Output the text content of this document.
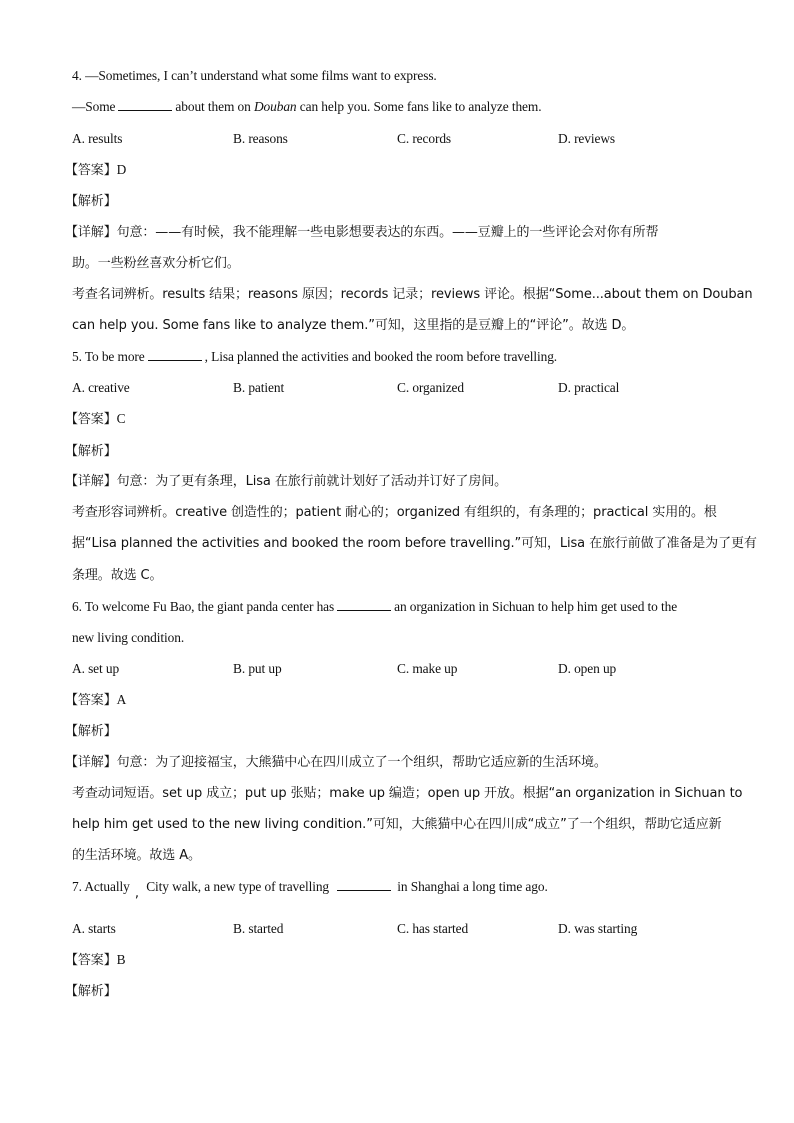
4. —Sometimes, I can’t understand what some films want to express.
—Some	about them on Douban can help you. Some fans like to analyze them.
A. results	B. reasons	C. records	D. reviews
【答案】D
【解析】
【详解】句意：——有时候，我不能理解一些电影想要表达的东西。——豆瓣上的一些评论会对你有所帮
助。一些粉丝喜欢分析它们。
考查名词辨析。results 结果；reasons 原因；records 记录；reviews 评论。根据“Some...about them on Douban
can help you. Some fans like to analyze them.”可知，这里指的是豆瓣上的“评论”。故选 D。
5. To be more	, Lisa planned the activities and booked the room before travelling.
A. creative	B. patient	C. organized	D. practical
【答案】C
【解析】
【详解】句意：为了更有条理，Lisa 在旅行前就计划好了活动并订好了房间。
考查形容词辨析。creative 创造性的；patient 耐心的；organized 有组织的，有条理的；practical 实用的。根
据“Lisa planned the activities and booked the room before travelling.”可知，Lisa 在旅行前做了准备是为了更有
条理。故选 C。
6. To welcome Fu Bao, the giant panda center has	an organization in Sichuan to help him get used to the
new living condition.
A. set up	B. put up	C. make up	D. open up
【答案】A
【解析】
【详解】句意：为了迎接福宝，大熊猫中心在四川成立了一个组织，帮助它适应新的生活环境。
考查动词短语。set up 成立；put up 张贴；make up 编造；open up 开放。根据“an organization in Sichuan to
help him get used to the new living condition.”可知，大熊猫中心在四川成“成立”了一个组织，帮助它适应新
的生活环境。故选 A。
7. Actually , City walk, a new type of travelling	in Shanghai a long time ago.
A. starts	B. started	C. has started	D. was starting
【答案】B
【解析】
